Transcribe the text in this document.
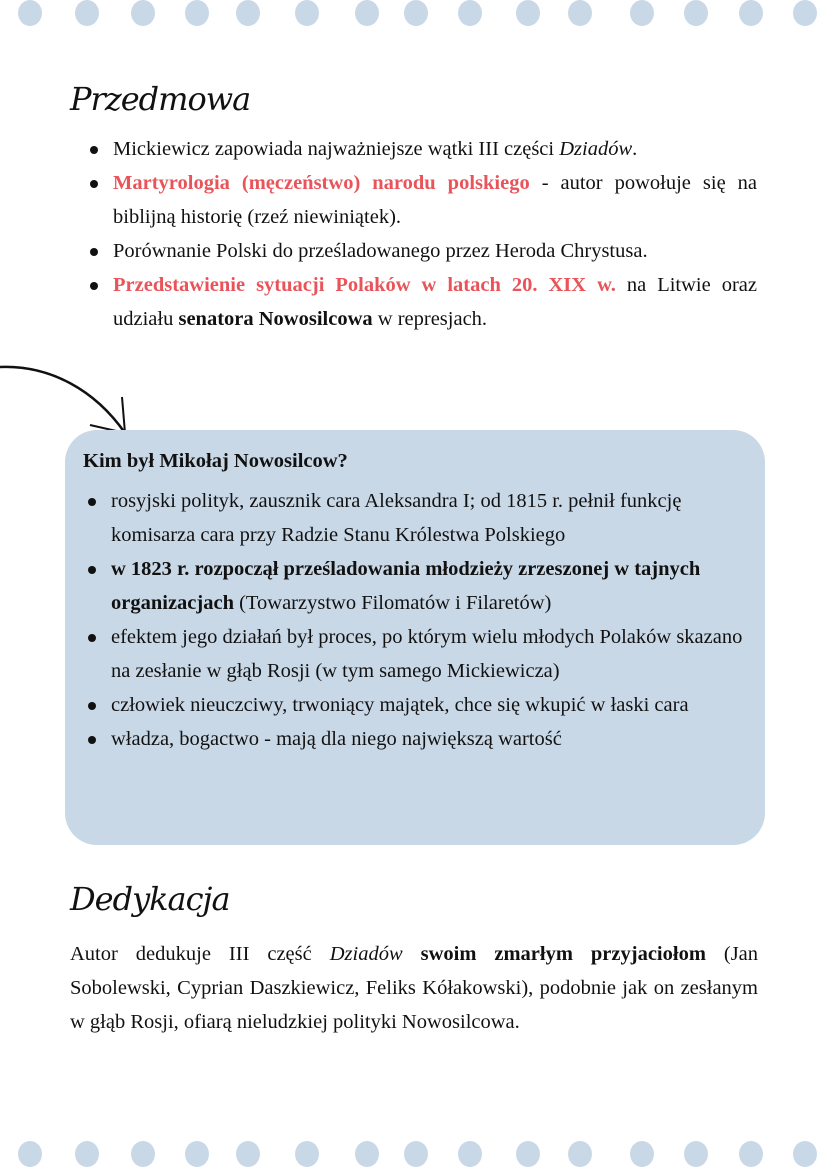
Przedmowa
Mickiewicz zapowiada najważniejsze wątki III części Dziadów.
Martyrologia (męczeństwo) narodu polskiego - autor powołuje się na biblijną historię (rzeź niewiniątek).
Porównanie Polski do prześladowanego przez Heroda Chrystusa.
Przedstawienie sytuacji Polaków w latach 20. XIX w. na Litwie oraz udziału senatora Nowosilcowa w represjach.
Kim był Mikołaj Nowosilcow?
rosyjski polityk, zausznik cara Aleksandra I; od 1815 r. pełnił funkcję komisarza cara przy Radzie Stanu Królestwa Polskiego
w 1823 r. rozpoczął prześladowania młodzieży zrzeszonej w tajnych organizacjach (Towarzystwo Filomatów i Filaretów)
efektem jego działań był proces, po którym wielu młodych Polaków skazano na zesłanie w głąb Rosji (w tym samego Mickiewicza)
człowiek nieuczciwy, trwoniący majątek, chce się wkupić w łaski cara
władza, bogactwo - mają dla niego największą wartość
Dedykacja

Autor dedukuje III część Dziadów swoim zmarłym przyjaciołom (Jan Sobolewski, Cyprian Daszkiewicz, Feliks Kółakowski), podobnie jak on zesłanym w głąb Rosji, ofiarą nieludzkiej polityki Nowosilcowa.
